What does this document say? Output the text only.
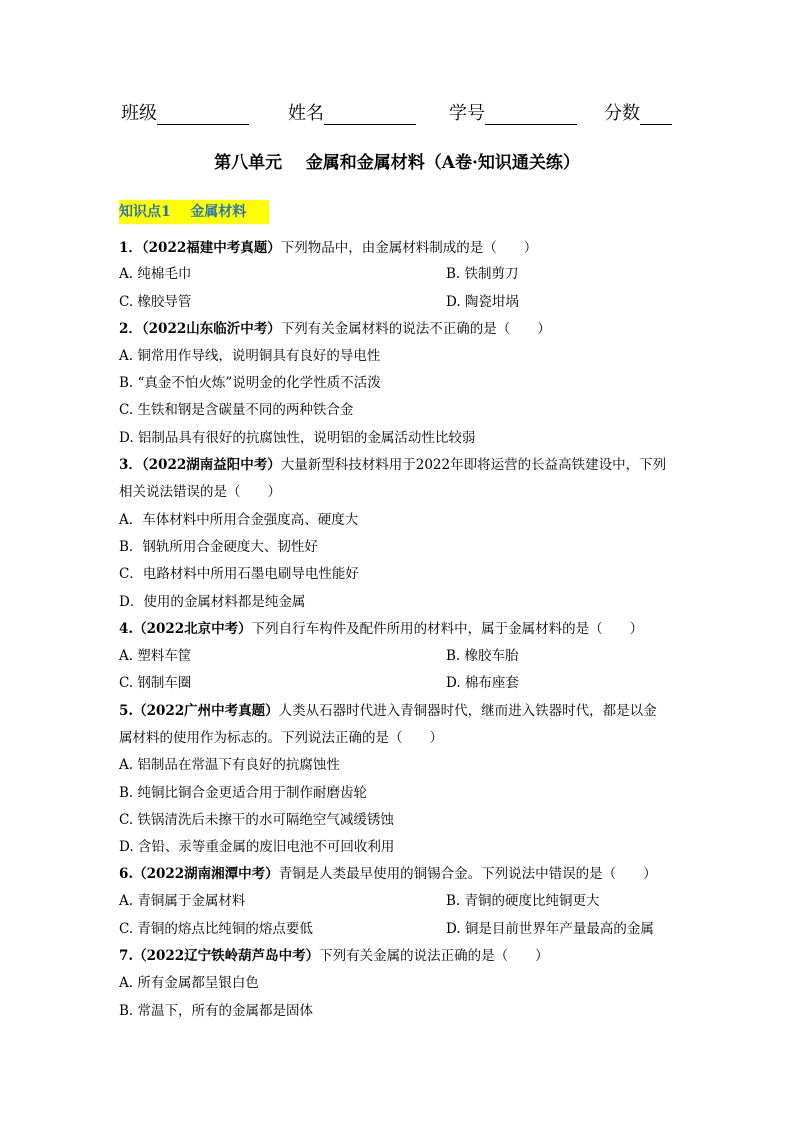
班级	姓名	学号	分数
第八单元    金属和金属材料（A卷·知识通关练）
知识点1    金属材料
1．（2022福建中考真题）下列物品中，由金属材料制成的是（　　）
A. 纯棉毛巾	B. 铁制剪刀
C. 橡胶导管	D. 陶瓷坩埚
2．（2022山东临沂中考）下列有关金属材料的说法不正确的是（　　）
A. 铜常用作导线，说明铜具有良好的导电性
B. “真金不怕火炼”说明金的化学性质不活泼
C. 生铁和钢是含碳量不同的两种铁合金
D. 铝制品具有很好的抗腐蚀性，说明铝的金属活动性比较弱
3．（2022湖南益阳中考）大量新型科技材料用于2022年即将运营的长益高铁建设中，下列
相关说法错误的是（　　）
A．车体材料中所用合金强度高、硬度大
B．钢轨所用合金硬度大、韧性好
C．电路材料中所用石墨电刷导电性能好
D．使用的金属材料都是纯金属
4.（2022北京中考）下列自行车构件及配件所用的材料中，属于金属材料的是（　　）
A. 塑料车筐	B. 橡胶车胎
C. 钢制车圈	D. 棉布座套
5.（2022广州中考真题）人类从石器时代进入青铜器时代，继而进入铁器时代，都是以金
属材料的使用作为标志的。下列说法正确的是（　　）
A. 铝制品在常温下有良好的抗腐蚀性
B. 纯铜比铜合金更适合用于制作耐磨齿轮
C. 铁锅清洗后未擦干的水可隔绝空气减缓锈蚀
D. 含铅、汞等重金属的废旧电池不可回收利用
6.（2022湖南湘潭中考）青铜是人类最早使用的铜锡合金。下列说法中错误的是（　　）
A. 青铜属于金属材料	B. 青铜的硬度比纯铜更大
C. 青铜的熔点比纯铜的熔点要低	D. 铜是目前世界年产量最高的金属
7.（2022辽宁铁岭葫芦岛中考）下列有关金属的说法正确的是（　　）
A. 所有金属都呈银白色
B. 常温下，所有的金属都是固体
